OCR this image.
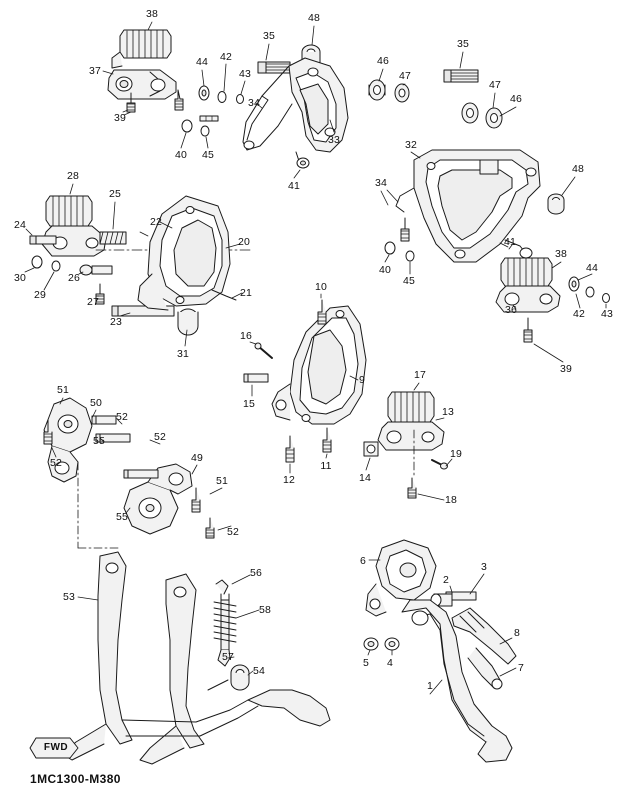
38	48
35
35
46
37
44 42
43	47
47
46
34
39
33
40 45
32
41
48
28
25
34
22
24
20	41
38
30	26
40
45
44
29
27
21	10
36
23
42 43
31
16
9
39
15
17
13
51
50
52
55	52
52	49
11
14
19
12
51
55
52
18
6	3
2
56
53
58
8
5 4	7
57
54
1
FWD
1MC1300-M380
